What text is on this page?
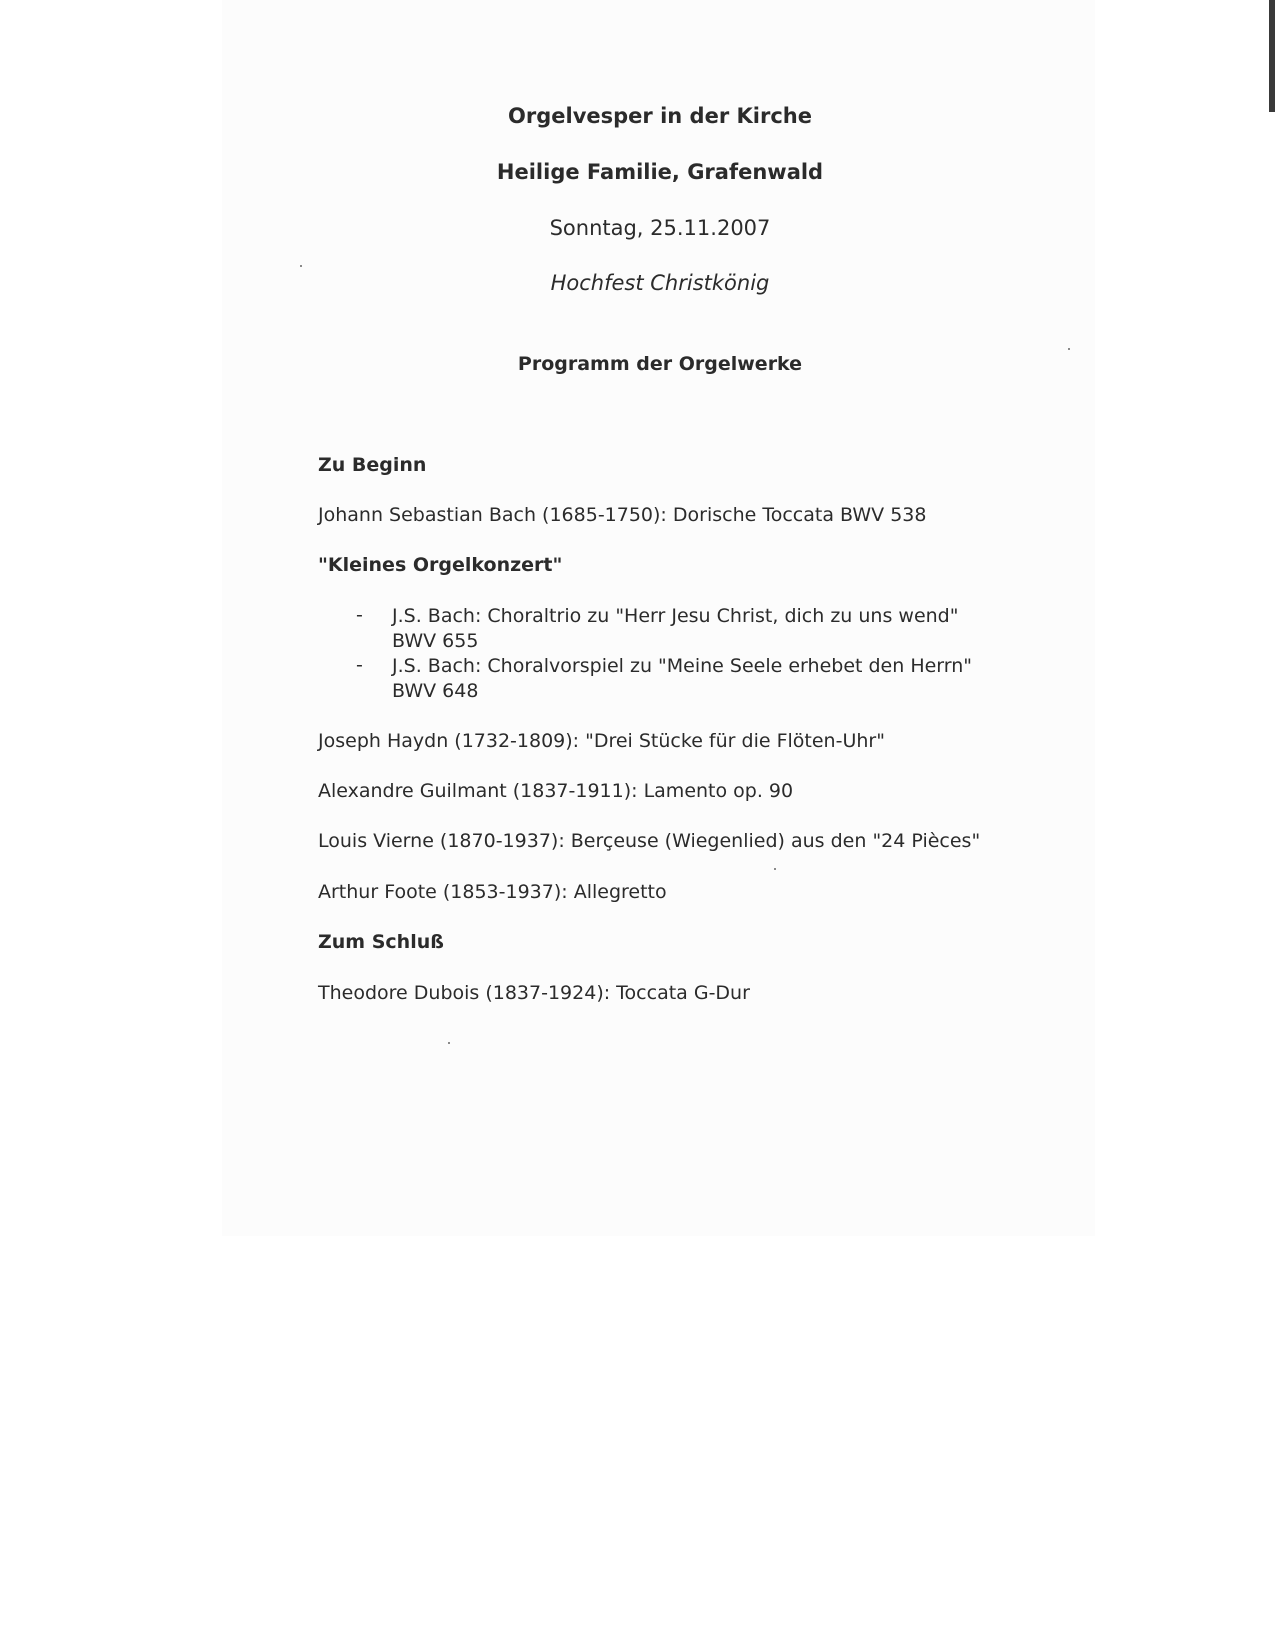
Orgelvesper in der Kirche
Heilige Familie, Grafenwald
Sonntag, 25.11.2007
Hochfest Christkönig
Programm der Orgelwerke
Zu Beginn
Johann Sebastian Bach (1685-1750): Dorische Toccata BWV 538
"Kleines Orgelkonzert"
- J.S. Bach: Choraltrio zu "Herr Jesu Christ, dich zu uns wend"
BWV 655
- J.S. Bach: Choralvorspiel zu "Meine Seele erhebet den Herrn"
BWV 648
Joseph Haydn (1732-1809): "Drei Stücke für die Flöten-Uhr"
Alexandre Guilmant (1837-1911): Lamento op. 90
Louis Vierne (1870-1937): Berçeuse (Wiegenlied) aus den "24 Pièces"
Arthur Foote (1853-1937): Allegretto
Zum Schluß
Theodore Dubois (1837-1924): Toccata G-Dur
